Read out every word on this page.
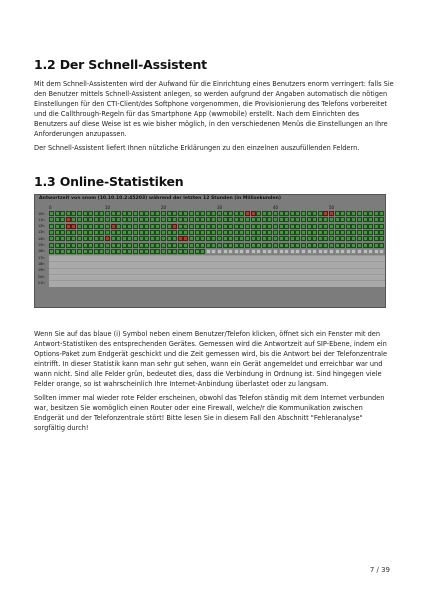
1.2 Der Schnell-Assistent

Mit dem Schnell-Assistenten wird der Aufwand für die Einrichtung eines Benutzers enorm verringert: falls Sie den Benutzer mittels Schnell-Assistent anlegen, so werden aufgrund der Angaben automatisch die nötigen Einstellungen für den CTI-Client/des Softphone vorgenommen, die Provisionierung des Telefons vorbereitet und die Callthrough-Regeln für das Smartphone App (wwmobile) erstellt. Nach dem Einrichten des Benutzers auf diese Weise ist es wie bisher möglich, in den verschiedenen Menüs die Einstellungen an Ihre Anforderungen anzupassen.

Der Schnell-Assistent liefert Ihnen nützliche Erklärungen zu den einzelnen auszufüllenden Feldern.

1.3 Online-Statistiken
Antwortzeit von snom (10.10.10.2:45203) während der letzten 12 Stunden (in Millisekunden)
0	10	20	30	40	50
10h
11h
12h
13h
14h
15h
16h
17h
18h
19h
20h
21h

Wenn Sie auf das blaue (i) Symbol neben einem Benutzer/Telefon klicken, öffnet sich ein Fenster mit den Antwort-Statistiken des entsprechenden Gerätes. Gemessen wird die Antwortzeit auf SIP-Ebene, indem ein Options-Paket zum Endgerät geschickt und die Zeit gemessen wird, bis die Antwort bei der Telefonzentrale eintrifft. In dieser Statistik kann man sehr gut sehen, wann ein Gerät angemeldet und erreichbar war und wann nicht. Sind alle Felder grün, bedeutet dies, dass die Verbindung in Ordnung ist. Sind hingegen viele Felder orange, so ist wahrscheinlich Ihre Internet-Anbindung überlastet oder zu langsam.

Sollten immer mal wieder rote Felder erscheinen, obwohl das Telefon ständig mit dem Internet verbunden war, besitzen Sie womöglich einen Router oder eine Firewall, welche/r die Kommunikation zwischen Endgerät und der Telefonzentrale stört! Bitte lesen Sie in diesem Fall den Abschnitt "Fehleranalyse" sorgfältig durch!

7 / 39
